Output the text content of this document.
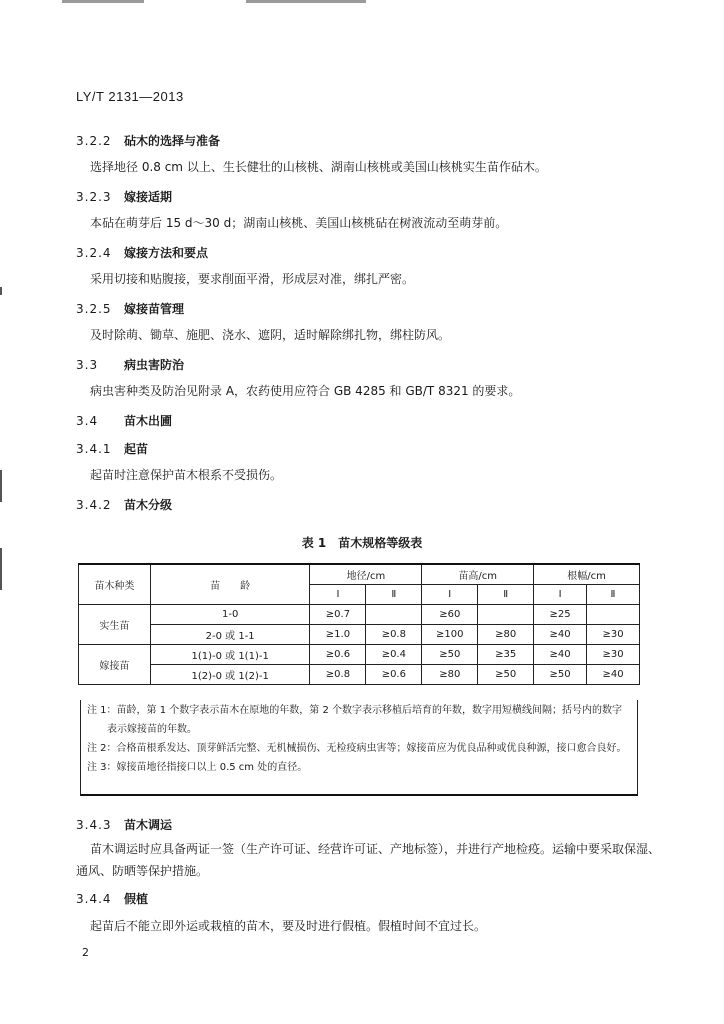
LY/T 2131—2013
3.2.2 砧木的选择与准备
选择地径 0.8 cm 以上、生长健壮的山核桃、湖南山核桃或美国山核桃实生苗作砧木。
3.2.3 嫁接适期
本砧在萌芽后 15 d～30 d；湖南山核桃、美国山核桃砧在树液流动至萌芽前。
3.2.4 嫁接方法和要点
采用切接和贴腹接，要求削面平滑，形成层对准，绑扎严密。
3.2.5 嫁接苗管理
及时除萌、锄草、施肥、浇水、遮阴，适时解除绑扎物，绑柱防风。
3.3 病虫害防治
病虫害种类及防治见附录 A，农药使用应符合 GB 4285 和 GB/T 8321 的要求。
3.4 苗木出圃
3.4.1 起苗
起苗时注意保护苗木根系不受损伤。
3.4.2 苗木分级
表 1　苗木规格等级表
苗木种类	苗　　龄	地径/cm		苗高/cm		根幅/cm	
		Ⅰ	Ⅱ	Ⅰ	Ⅱ	Ⅰ	Ⅱ
实生苗	1-0	≥0.7		≥60		≥25	
	2-0 或 1-1	≥1.0	≥0.8	≥100	≥80	≥40	≥30
嫁接苗	1(1)-0 或 1(1)-1	≥0.6	≥0.4	≥50	≥35	≥40	≥30
	1(2)-0 或 1(2)-1	≥0.8	≥0.6	≥80	≥50	≥50	≥40
注 1：苗龄，第 1 个数字表示苗木在原地的年数，第 2 个数字表示移植后培育的年数，数字用短横线间隔；括号内的数字表示嫁接苗的年数。
注 2：合格苗根系发达、顶芽鲜活完整、无机械损伤、无检疫病虫害等；嫁接苗应为优良品种或优良种源，接口愈合良好。
注 3：嫁接苗地径指接口以上 0.5 cm 处的直径。
3.4.3 苗木调运
苗木调运时应具备两证一签（生产许可证、经营许可证、产地标签），并进行产地检疫。运输中要采取保湿、通风、防晒等保护措施。
3.4.4 假植
起苗后不能立即外运或栽植的苗木，要及时进行假植。假植时间不宜过长。
2
